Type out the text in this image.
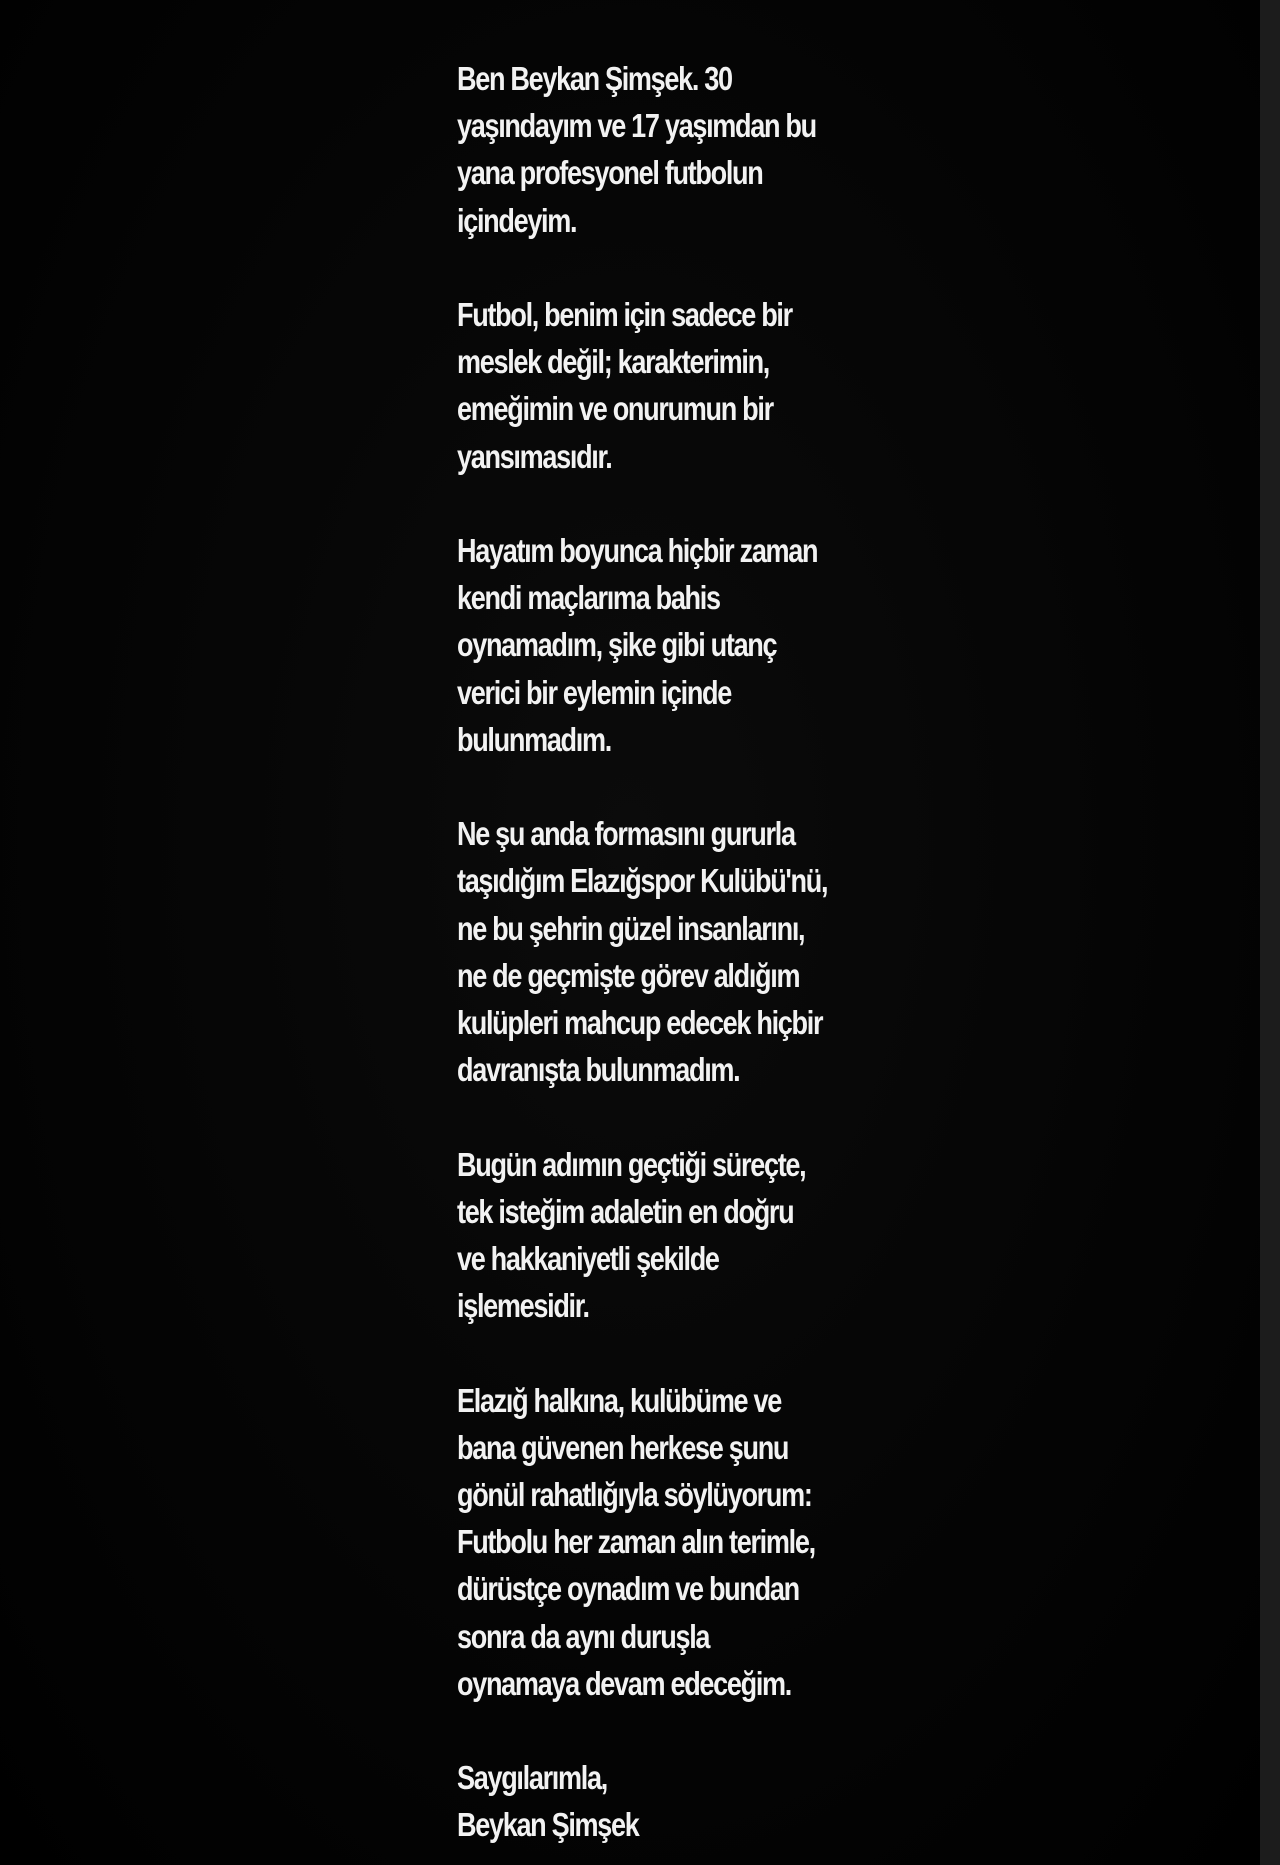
Ben Beykan Şimşek. 30
yaşındayım ve 17 yaşımdan bu
yana profesyonel futbolun
içindeyim.

Futbol, benim için sadece bir
meslek değil; karakterimin,
emeğimin ve onurumun bir
yansımasıdır.

Hayatım boyunca hiçbir zaman
kendi maçlarıma bahis
oynamadım, şike gibi utanç
verici bir eylemin içinde
bulunmadım.

Ne şu anda formasını gururla
taşıdığım Elazığspor Kulübü'nü,
ne bu şehrin güzel insanlarını,
ne de geçmişte görev aldığım
kulüpleri mahcup edecek hiçbir
davranışta bulunmadım.

Bugün adımın geçtiği süreçte,
tek isteğim adaletin en doğru
ve hakkaniyetli şekilde
işlemesidir.

Elazığ halkına, kulübüme ve
bana güvenen herkese şunu
gönül rahatlığıyla söylüyorum:
Futbolu her zaman alın terimle,
dürüstçe oynadım ve bundan
sonra da aynı duruşla
oynamaya devam edeceğim.

Saygılarımla,
Beykan Şimşek
